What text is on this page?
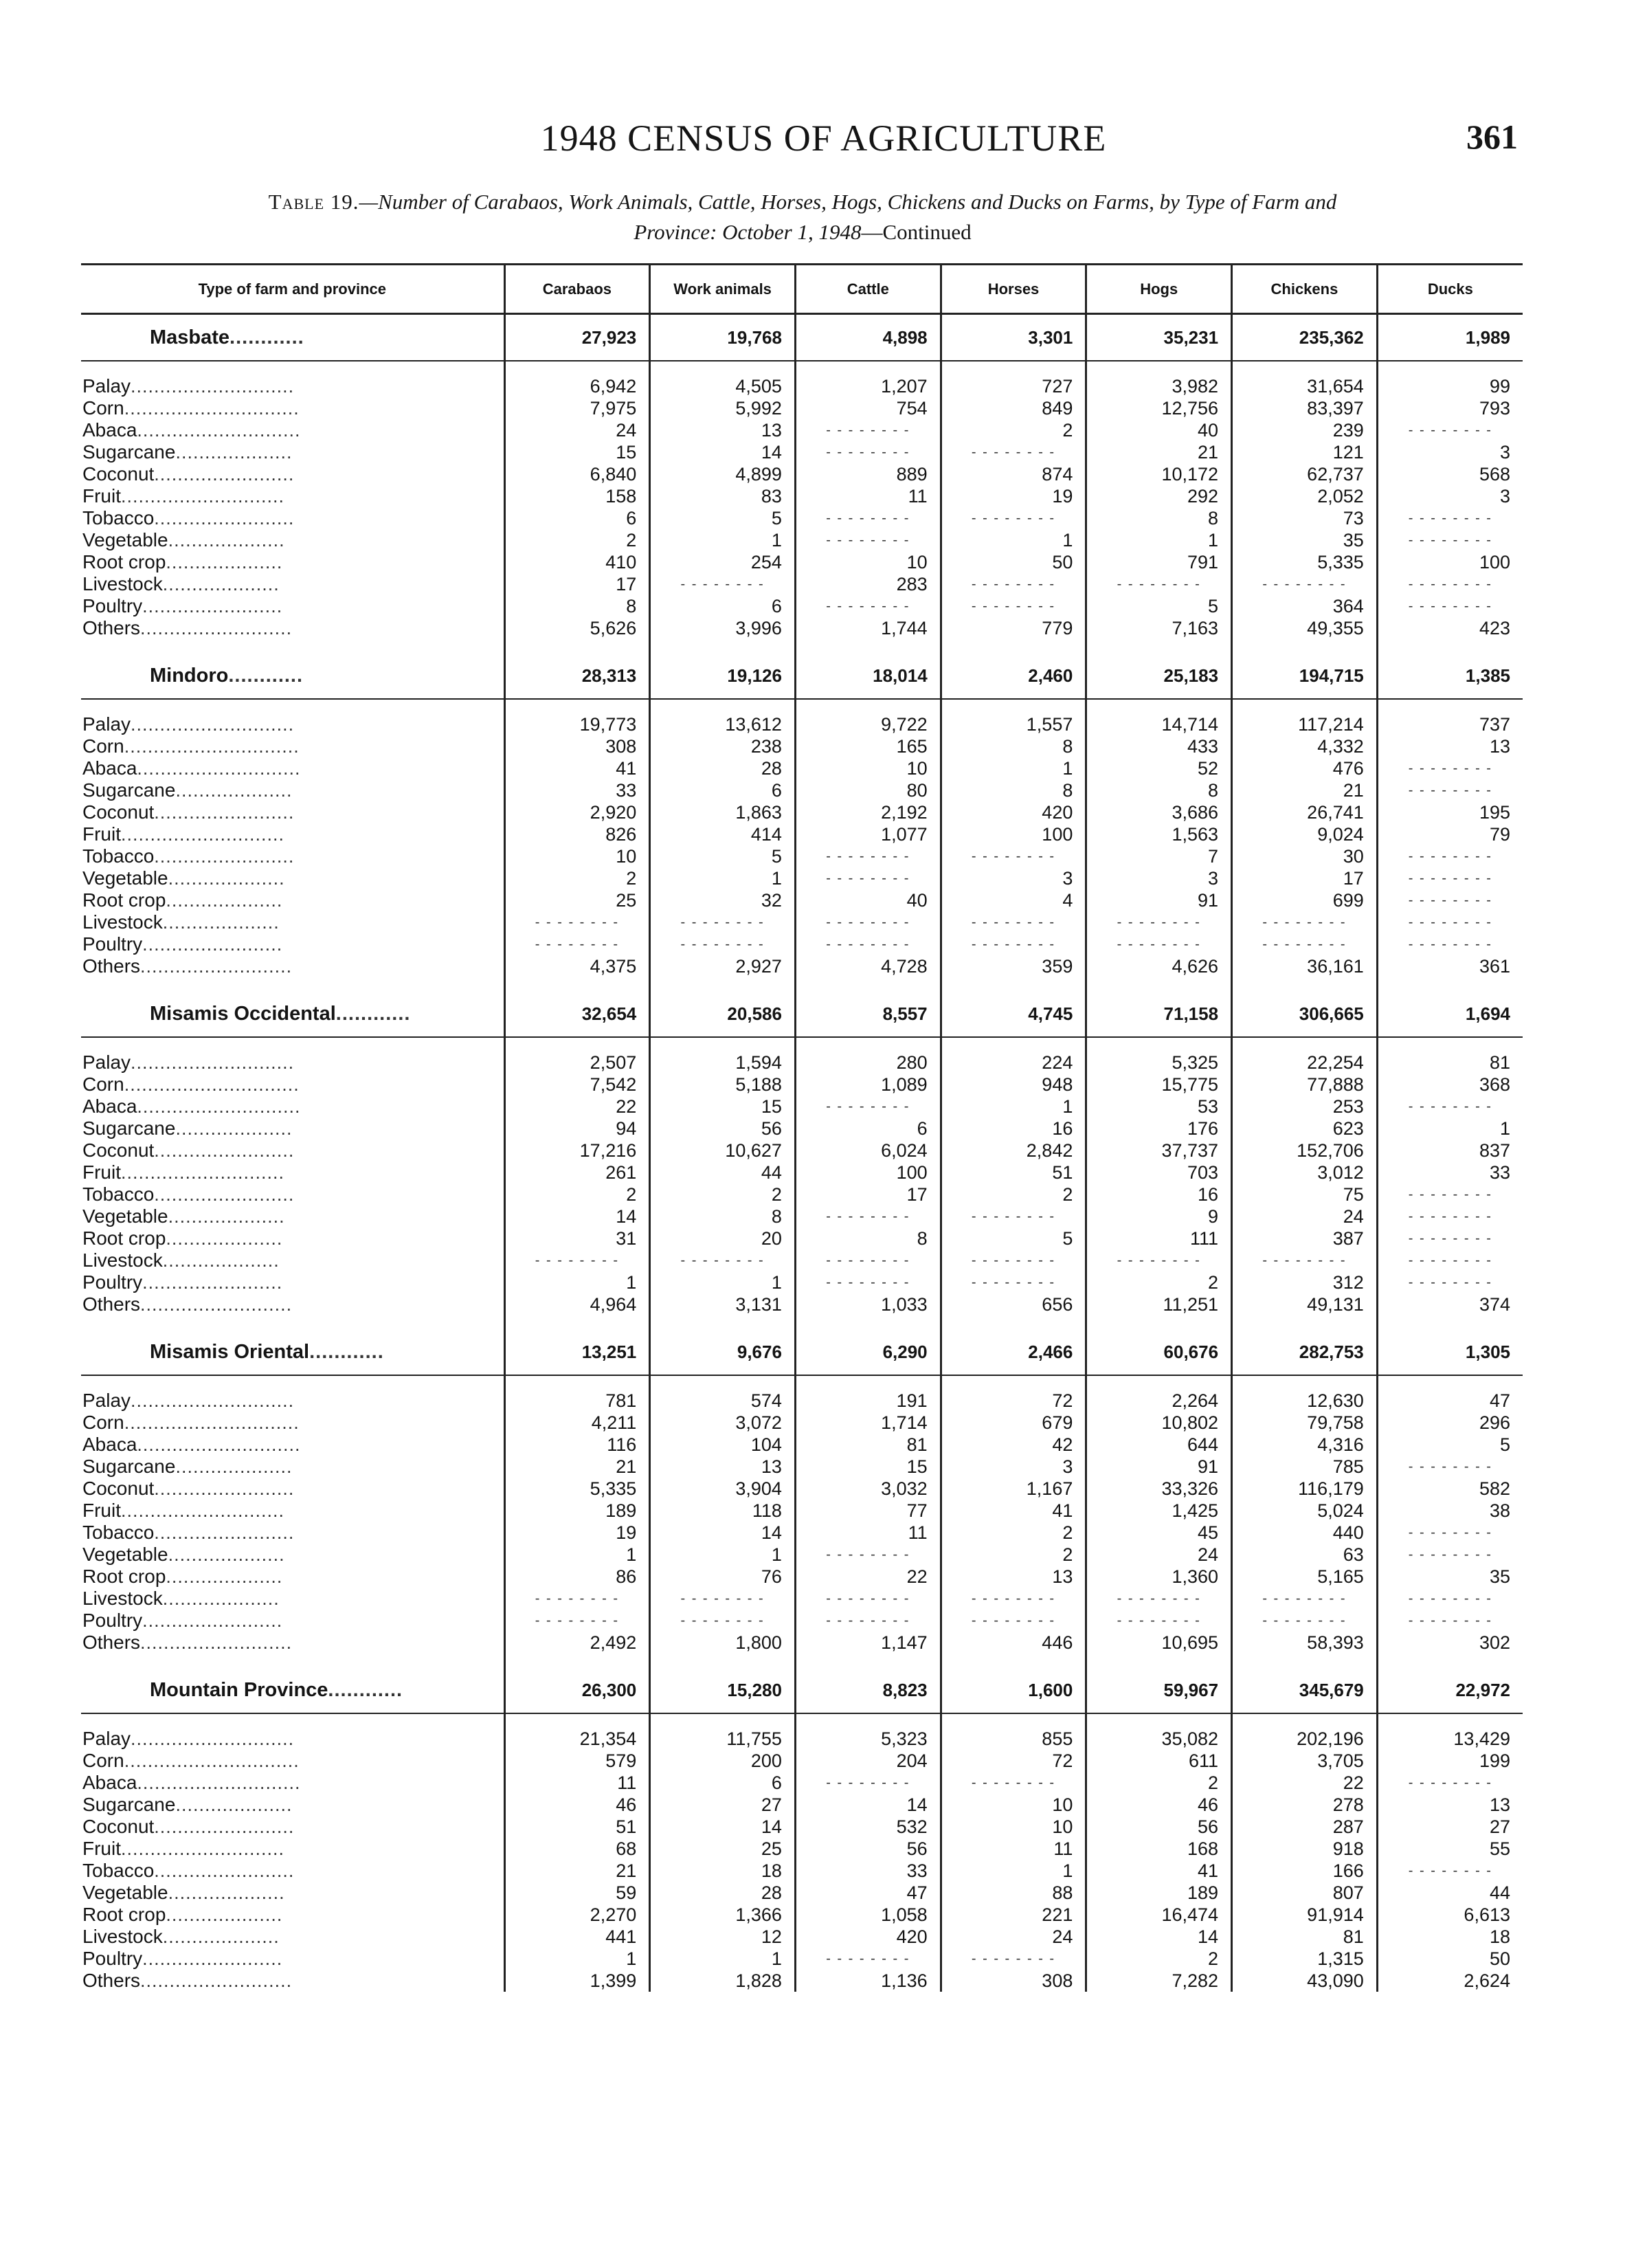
1948 CENSUS OF AGRICULTURE	361
Table 19.—Number of Carabaos, Work Animals, Cattle, Horses, Hogs, Chickens and Ducks on Farms, by Type of Farm and
Province: October 1, 1948—Continued
Type of farm and province	Carabaos	Work animals	Cattle	Horses	Hogs	Chickens	Ducks
Masbate............	27,923	19,768	4,898	3,301	35,231	235,362	1,989

Palay............................	6,942	4,505	1,207	727	3,982	31,654	99
Corn..............................	7,975	5,992	754	849	12,756	83,397	793
Abaca............................	24	13	- - - - - - - -	2	40	239	- - - - - - - -
Sugarcane....................	15	14	- - - - - - - -	- - - - - - - -	21	121	3
Coconut........................	6,840	4,899	889	874	10,172	62,737	568
Fruit............................	158	83	11	19	292	2,052	3
Tobacco........................	6	5	- - - - - - - -	- - - - - - - -	8	73	- - - - - - - -
Vegetable....................	2	1	- - - - - - - -	1	1	35	- - - - - - - -
Root crop....................	410	254	10	50	791	5,335	100
Livestock....................	17	- - - - - - - -	283	- - - - - - - -	- - - - - - - -	- - - - - - - -	- - - - - - - -
Poultry........................	8	6	- - - - - - - -	- - - - - - - -	5	364	- - - - - - - -
Others..........................	5,626	3,996	1,744	779	7,163	49,355	423

Mindoro............	28,313	19,126	18,014	2,460	25,183	194,715	1,385

Palay............................	19,773	13,612	9,722	1,557	14,714	117,214	737
Corn..............................	308	238	165	8	433	4,332	13
Abaca............................	41	28	10	1	52	476	- - - - - - - -
Sugarcane....................	33	6	80	8	8	21	- - - - - - - -
Coconut........................	2,920	1,863	2,192	420	3,686	26,741	195
Fruit............................	826	414	1,077	100	1,563	9,024	79
Tobacco........................	10	5	- - - - - - - -	- - - - - - - -	7	30	- - - - - - - -
Vegetable....................	2	1	- - - - - - - -	3	3	17	- - - - - - - -
Root crop....................	25	32	40	4	91	699	- - - - - - - -
Livestock....................	- - - - - - - -	- - - - - - - -	- - - - - - - -	- - - - - - - -	- - - - - - - -	- - - - - - - -	- - - - - - - -
Poultry........................	- - - - - - - -	- - - - - - - -	- - - - - - - -	- - - - - - - -	- - - - - - - -	- - - - - - - -	- - - - - - - -
Others..........................	4,375	2,927	4,728	359	4,626	36,161	361

Misamis Occidental............	32,654	20,586	8,557	4,745	71,158	306,665	1,694

Palay............................	2,507	1,594	280	224	5,325	22,254	81
Corn..............................	7,542	5,188	1,089	948	15,775	77,888	368
Abaca............................	22	15	- - - - - - - -	1	53	253	- - - - - - - -
Sugarcane....................	94	56	6	16	176	623	1
Coconut........................	17,216	10,627	6,024	2,842	37,737	152,706	837
Fruit............................	261	44	100	51	703	3,012	33
Tobacco........................	2	2	17	2	16	75	- - - - - - - -
Vegetable....................	14	8	- - - - - - - -	- - - - - - - -	9	24	- - - - - - - -
Root crop....................	31	20	8	5	111	387	- - - - - - - -
Livestock....................	- - - - - - - -	- - - - - - - -	- - - - - - - -	- - - - - - - -	- - - - - - - -	- - - - - - - -	- - - - - - - -
Poultry........................	1	1	- - - - - - - -	- - - - - - - -	2	312	- - - - - - - -
Others..........................	4,964	3,131	1,033	656	11,251	49,131	374

Misamis Oriental............	13,251	9,676	6,290	2,466	60,676	282,753	1,305

Palay............................	781	574	191	72	2,264	12,630	47
Corn..............................	4,211	3,072	1,714	679	10,802	79,758	296
Abaca............................	116	104	81	42	644	4,316	5
Sugarcane....................	21	13	15	3	91	785	- - - - - - - -
Coconut........................	5,335	3,904	3,032	1,167	33,326	116,179	582
Fruit............................	189	118	77	41	1,425	5,024	38
Tobacco........................	19	14	11	2	45	440	- - - - - - - -
Vegetable....................	1	1	- - - - - - - -	2	24	63	- - - - - - - -
Root crop....................	86	76	22	13	1,360	5,165	35
Livestock....................	- - - - - - - -	- - - - - - - -	- - - - - - - -	- - - - - - - -	- - - - - - - -	- - - - - - - -	- - - - - - - -
Poultry........................	- - - - - - - -	- - - - - - - -	- - - - - - - -	- - - - - - - -	- - - - - - - -	- - - - - - - -	- - - - - - - -
Others..........................	2,492	1,800	1,147	446	10,695	58,393	302

Mountain Province............	26,300	15,280	8,823	1,600	59,967	345,679	22,972

Palay............................	21,354	11,755	5,323	855	35,082	202,196	13,429
Corn..............................	579	200	204	72	611	3,705	199
Abaca............................	11	6	- - - - - - - -	- - - - - - - -	2	22	- - - - - - - -
Sugarcane....................	46	27	14	10	46	278	13
Coconut........................	51	14	532	10	56	287	27
Fruit............................	68	25	56	11	168	918	55
Tobacco........................	21	18	33	1	41	166	- - - - - - - -
Vegetable....................	59	28	47	88	189	807	44
Root crop....................	2,270	1,366	1,058	221	16,474	91,914	6,613
Livestock....................	441	12	420	24	14	81	18
Poultry........................	1	1	- - - - - - - -	- - - - - - - -	2	1,315	50
Others..........................	1,399	1,828	1,136	308	7,282	43,090	2,624
